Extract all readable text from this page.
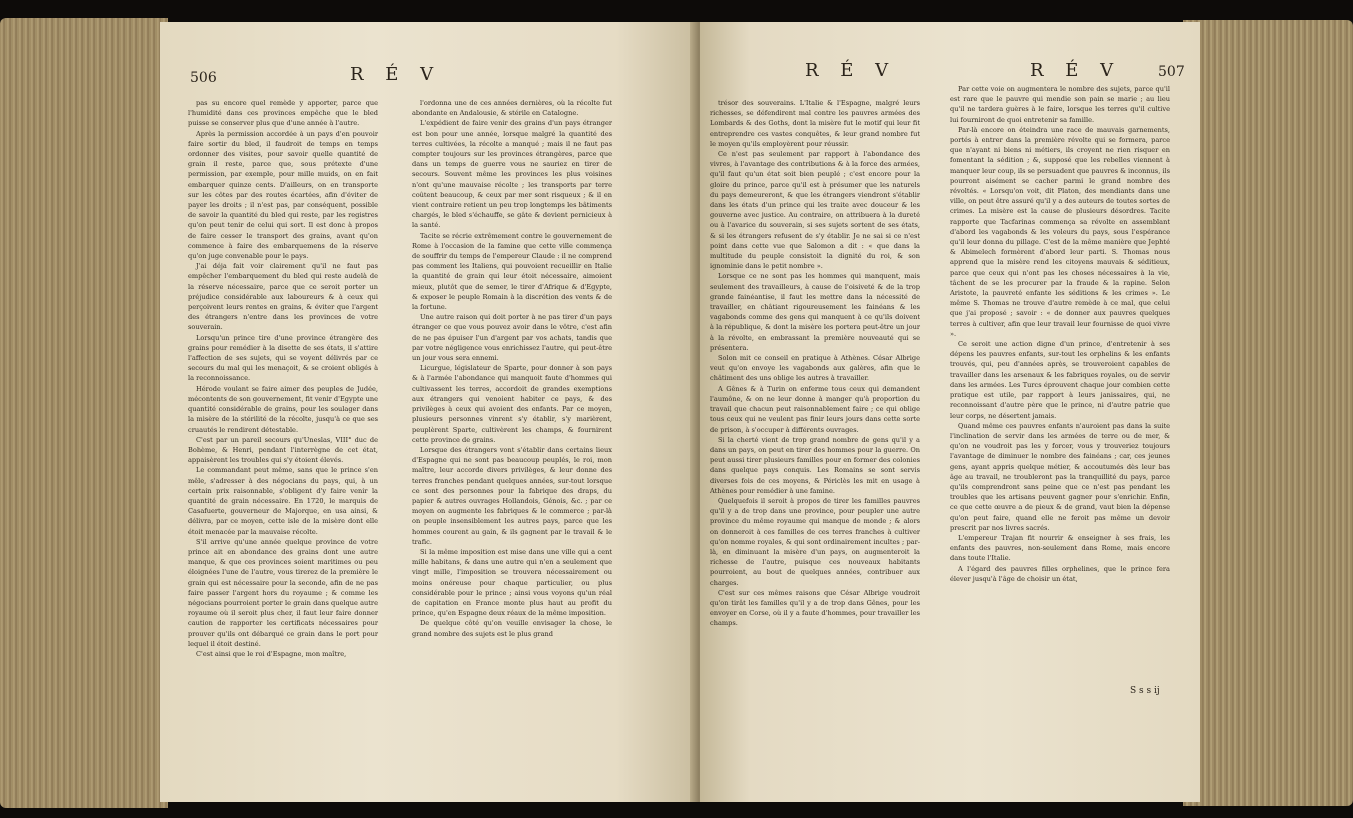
506	R É V

pas su encore quel remède y apporter, parce que l'humidité dans ces provinces empêche que le bled puisse se conserver plus que d'une année à l'autre.

Après la permission accordée à un pays d'en pouvoir faire sortir du bled, il faudroit de temps en temps ordonner des visites, pour savoir quelle quantité de grain il reste, parce que, sous prétexte d'une permission, par exemple, pour mille muids, on en fait embarquer quinze cents. D'ailleurs, on en transporte sur les côtes par des routes écartées, afin d'éviter de payer les droits ; il n'est pas, par conséquent, possible de savoir la quantité du bled qui reste, par les registres qu'on peut tenir de celui qui sort. Il est donc à propos de faire cesser le transport des grains, avant qu'on commence à faire des embarquemens de la réserve qu'on juge convenable pour le pays.

J'ai déja fait voir clairement qu'il ne faut pas empêcher l'embarquement du bled qui reste audelà de la réserve nécessaire, parce que ce seroit porter un préjudice considérable aux laboureurs & à ceux qui perçoivent leurs rentes en grains, & éviter que l'argent des étrangers n'entre dans les provinces de votre souverain.

Lorsqu'un prince tire d'une province étrangère des grains pour remédier à la disette de ses états, il s'attire l'affection de ses sujets, qui se voyent délivrés par ce secours du mal qui les menaçoit, & se croient obligés à la reconnoissance.

Hérode voulant se faire aimer des peuples de Judée, mécontents de son gouvernement, fit venir d'Egypte une quantité considérable de grains, pour les soulager dans la misère de la stérilité de la récolte, jusqu'à ce que ses cruautés le rendirent détestable.

C'est par un pareil secours qu'Uneslas, VIII° duc de Bohème, & Henri, pendant l'interrègne de cet état, appaisèrent les troubles qui s'y étoient élevés.

Le commandant peut même, sans que le prince s'en mêle, s'adresser à des négocians du pays, qui, à un certain prix raisonnable, s'obligent d'y faire venir la quantité de grain nécessaire. En 1720, le marquis de Casafuerte, gouverneur de Majorque, en usa ainsi, & délivra, par ce moyen, cette isle de la misère dont elle étoit menacée par la mauvaise récolte.

S'il arrive qu'une année quelque province de votre prince ait en abondance des grains dont une autre manque, & que ces provinces soient maritimes ou peu éloignées l'une de l'autre, vous tirerez de la première le grain qui est nécessaire pour la seconde, afin de ne pas faire passer l'argent hors du royaume ; & comme les négocians pourroient porter le grain dans quelque autre royaume où il seroit plus cher, il faut leur faire donner caution de rapporter les certificats nécessaires pour prouver qu'ils ont débarqué ce grain dans le port pour lequel il étoit destiné.

C'est ainsi que le roi d'Espagne, mon maître,

l'ordonna une de ces années dernières, où la récolte fut abondante en Andalousie, & stérile en Catalogne.

L'expédient de faire venir des grains d'un pays étranger est bon pour une année, lorsque malgré la quantité des terres cultivées, la récolte a manqué ; mais il ne faut pas compter toujours sur les provinces étrangères, parce que dans un temps de guerre vous ne sauriez en tirer de secours. Souvent même les provinces les plus voisines n'ont qu'une mauvaise récolte ; les transports par terre coûtent beaucoup, & ceux par mer sont risqueux ; & il en vient contraire retient un peu trop longtemps les bâtiments chargés, le bled s'échauffe, se gâte & devient pernicieux à la santé.

Tacite se récrie extrêmement contre le gouvernement de Rome à l'occasion de la famine que cette ville commença de souffrir du temps de l'empereur Claude : il ne comprend pas comment les Italiens, qui pouvoient recueillir en Italie la quantité de grain qui leur étoit nécessaire, aimoient mieux, plutôt que de semer, le tirer d'Afrique & d'Egypte, & exposer le peuple Romain à la discrétion des vents & de la fortune.

Une autre raison qui doit porter à ne pas tirer d'un pays étranger ce que vous pouvez avoir dans le vôtre, c'est afin de ne pas épuiser l'un d'argent par vos achats, tandis que par votre négligence vous enrichissez l'autre, qui peut-être un jour vous sera ennemi.

Licurgue, législateur de Sparte, pour donner à son pays & à l'armée l'abondance qui manquoit faute d'hommes qui cultivassent les terres, accordoit de grandes exemptions aux étrangers qui venoient habiter ce pays, & des privilèges à ceux qui avoient des enfants. Par ce moyen, plusieurs personnes vinrent s'y établir, s'y marièrent, peuplèrent Sparte, cultivèrent les champs, & fournirent cette province de grains.

Lorsque des étrangers vont s'établir dans certains lieux d'Espagne qui ne sont pas beaucoup peuplés, le roi, mon maître, leur accorde divers privilèges, & leur donne des terres franches pendant quelques années, sur-tout lorsque ce sont des personnes pour la fabrique des draps, du papier & autres ouvrages Hollandois, Génois, &c. ; par ce moyen on augmente les fabriques & le commerce ; par-là on peuple insensiblement les autres pays, parce que les hommes courent au gain, & ils gagnent par le travail & le trafic.

Si la même imposition est mise dans une ville qui a cent mille habitans, & dans une autre qui n'en a seulement que vingt mille, l'imposition se trouvera nécessairement ou moins onéreuse pour chaque particulier, ou plus considérable pour le prince ; ainsi vous voyons qu'un réal de capitation en France monte plus haut au profit du prince, qu'en Espagne deux réaux de la même imposition.

De quelque côté qu'on veuille envisager la chose, le grand nombre des sujets est le plus grand

R É V	R É V	507

trésor des souverains. L'Italie & l'Espagne, malgré leurs richesses, se défendirent mal contre les pauvres armées des Lombards & des Goths, dont la misère fut le motif qui leur fit entreprendre ces vastes conquêtes, & leur grand nombre fut le moyen qu'ils employèrent pour réussir.

Ce n'est pas seulement par rapport à l'abondance des vivres, à l'avantage des contributions & à la force des armées, qu'il faut qu'un état soit bien peuplé ; c'est encore pour la gloire du prince, parce qu'il est à présumer que les naturels du pays demeureront, & que les étrangers viendront s'établir dans les états d'un prince qui les traite avec douceur & les gouverne avec justice. Au contraire, on attribuera à la dureté ou à l'avarice du souverain, si ses sujets sortent de ses états, & si les étrangers refusent de s'y établir. Je ne sai si ce n'est point dans cette vue que Salomon a dit : « que dans la multitude du peuple consistoit la dignité du roi, & son ignominie dans le petit nombre ».

Lorsque ce ne sont pas les hommes qui manquent, mais seulement des travailleurs, à cause de l'oisiveté & de la trop grande fainéantise, il faut les mettre dans la nécessité de travailler, en châtiant rigoureusement les fainéans & les vagabonds comme des gens qui manquent à ce qu'ils doivent à la république, & dont la misère les portera peut-être un jour à la révolte, en embrassant la première nouveauté qui se présentera.

Solon mit ce conseil en pratique à Athènes. César Albrige veut qu'on envoye les vagabonds aux galères, afin que le châtiment des uns oblige les autres à travailler.

A Gênes & à Turin on enferme tous ceux qui demandent l'aumône, & on ne leur donne à manger qu'à proportion du travail que chacun peut raisonnablement faire ; ce qui oblige tous ceux qui ne veulent pas finir leurs jours dans cette sorte de prison, à s'occuper à différents ouvrages.

Si la cherté vient de trop grand nombre de gens qu'il y a dans un pays, on peut en tirer des hommes pour la guerre. On peut aussi tirer plusieurs familles pour en former des colonies dans quelque pays conquis. Les Romains se sont servis diverses fois de ces moyens, & Périclès les mit en usage à Athènes pour remédier à une famine.

Quelquefois il seroit à propos de tirer les familles pauvres qu'il y a de trop dans une province, pour peupler une autre province du même royaume qui manque de monde ; & alors on donneroit à ces familles de ces terres franches à cultiver qu'on nomme royales, & qui sont ordinairement incultes ; par-là, en diminuant la misère d'un pays, on augmenteroit la richesse de l'autre, puisque ces nouveaux habitants pourroient, au bout de quelques années, contribuer aux charges.

C'est sur ces mêmes raisons que César Albrige voudroit qu'on tirât les familles qu'il y a de trop dans Gênes, pour les envoyer en Corse, où il y a faute d'hommes, pour travailler les champs.

Par cette voie on augmentera le nombre des sujets, parce qu'il est rare que le pauvre qui mendie son pain se marie ; au lieu qu'il ne tardera guères à le faire, lorsque les terres qu'il cultive lui fourniront de quoi entretenir sa famille.

Par-là encore on éteindra une race de mauvais garnements, portés à entrer dans la première révolte qui se formera, parce que n'ayant ni biens ni métiers, ils croyent ne rien risquer en fomentant la sédition ; &, supposé que les rebelles viennent à manquer leur coup, ils se persuadent que pauvres & inconnus, ils pourront aisément se cacher parmi le grand nombre des révoltés. « Lorsqu'on voit, dit Platon, des mendiants dans une ville, on peut être assuré qu'il y a des auteurs de toutes sortes de crimes. La misère est la cause de plusieurs désordres. Tacite rapporte que Tacfarinas commença sa révolte en assemblant d'abord les vagabonds & les voleurs du pays, sous l'espérance qu'il leur donna du pillage. C'est de la même manière que Jephté & Abimelech formèrent d'abord leur parti. S. Thomas nous apprend que la misère rend les citoyens mauvais & séditieux, parce que ceux qui n'ont pas les choses nécessaires à la vie, tâchent de se les procurer par la fraude & la rapine. Selon Aristote, la pauvreté enfante les séditions & les crimes ». Le même S. Thomas ne trouve d'autre remède à ce mal, que celui que j'ai proposé ; savoir : « de donner aux pauvres quelques terres à cultiver, afin que leur travail leur fournisse de quoi vivre ».

Ce seroit une action digne d'un prince, d'entretenir à ses dépens les pauvres enfants, sur-tout les orphelins & les enfants trouvés, qui, peu d'années après, se trouveroient capables de travailler dans les arsenaux & les fabriques royales, ou de servir dans les armées. Les Turcs éprouvent chaque jour combien cette pratique est utile, par rapport à leurs janissaires, qui, ne reconnoissant d'autre père que le prince, ni d'autre patrie que leur corps, ne désertent jamais.

Quand même ces pauvres enfants n'auroient pas dans la suite l'inclination de servir dans les armées de terre ou de mer, & qu'on ne voudroit pas les y forcer, vous y trouveriez toujours l'avantage de diminuer le nombre des fainéans ; car, ces jeunes gens, ayant appris quelque métier, & accoutumés dès leur bas âge au travail, ne troubleront pas la tranquillité du pays, parce qu'ils comprendront sans peine que ce n'est pas pendant les troubles que les artisans peuvent gagner pour s'enrichir. Enfin, ce que cette œuvre a de pieux & de grand, vaut bien la dépense qu'on peut faire, quand elle ne feroit pas même un devoir prescrit par nos livres sacrés.

L'empereur Trajan fit nourrir & enseigner à ses frais, les enfants des pauvres, non-seulement dans Rome, mais encore dans toute l'Italie.

A l'égard des pauvres filles orphelines, que le prince fera élever jusqu'à l'âge de choisir un état,

S s s ij
